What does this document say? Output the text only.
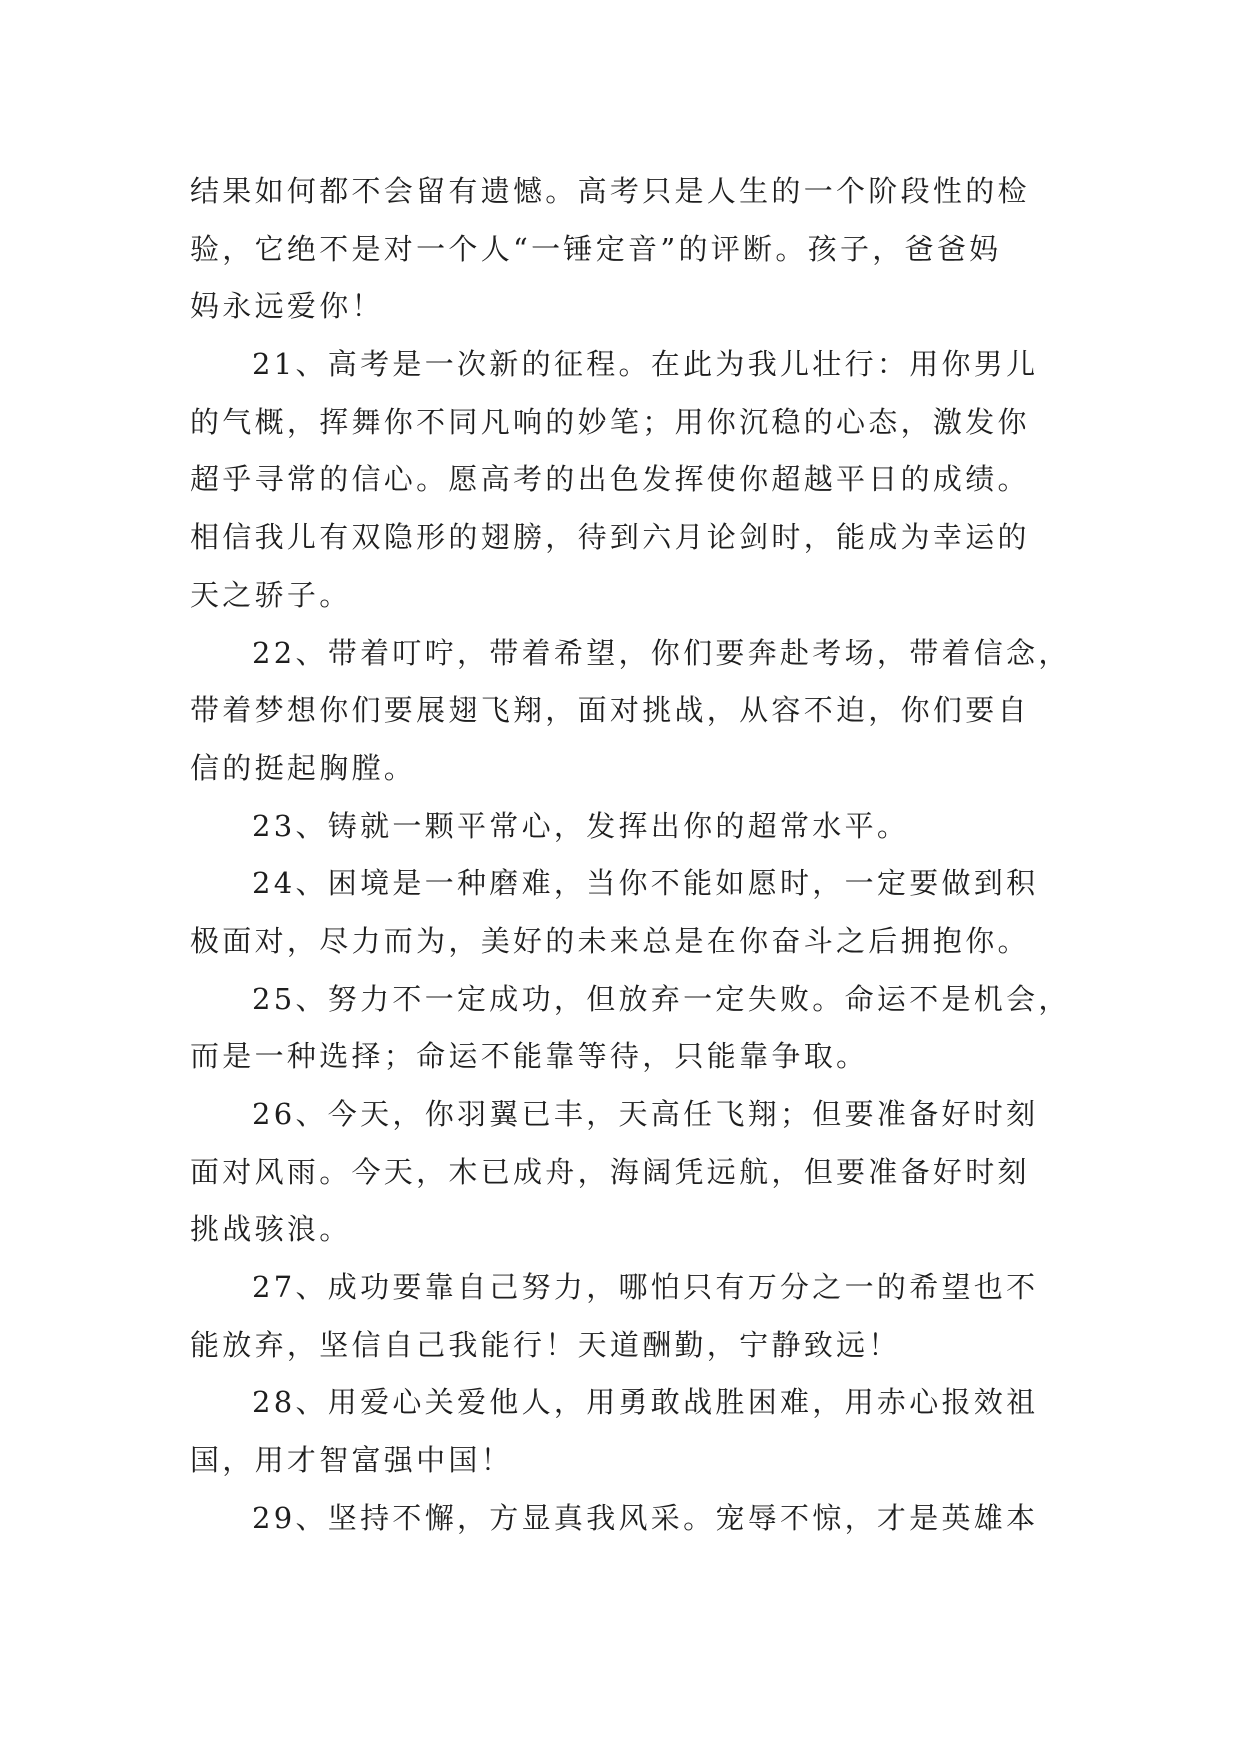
结果如何都不会留有遗憾。高考只是人生的一个阶段性的检
验，它绝不是对一个人“一锤定音”的评断。孩子，爸爸妈
妈永远爱你！
21、高考是一次新的征程。在此为我儿壮行：用你男儿
的气概，挥舞你不同凡响的妙笔；用你沉稳的心态，激发你
超乎寻常的信心。愿高考的出色发挥使你超越平日的成绩。
相信我儿有双隐形的翅膀，待到六月论剑时，能成为幸运的
天之骄子。
22、带着叮咛，带着希望，你们要奔赴考场，带着信念，
带着梦想你们要展翅飞翔，面对挑战，从容不迫，你们要自
信的挺起胸膛。
23、铸就一颗平常心，发挥出你的超常水平。
24、困境是一种磨难，当你不能如愿时，一定要做到积
极面对，尽力而为，美好的未来总是在你奋斗之后拥抱你。
25、努力不一定成功，但放弃一定失败。命运不是机会，
而是一种选择；命运不能靠等待，只能靠争取。
26、今天，你羽翼已丰，天高任飞翔；但要准备好时刻
面对风雨。今天，木已成舟，海阔凭远航，但要准备好时刻
挑战骇浪。
27、成功要靠自己努力，哪怕只有万分之一的希望也不
能放弃，坚信自己我能行！天道酬勤，宁静致远！
28、用爱心关爱他人，用勇敢战胜困难，用赤心报效祖
国，用才智富强中国！
29、坚持不懈，方显真我风采。宠辱不惊，才是英雄本
